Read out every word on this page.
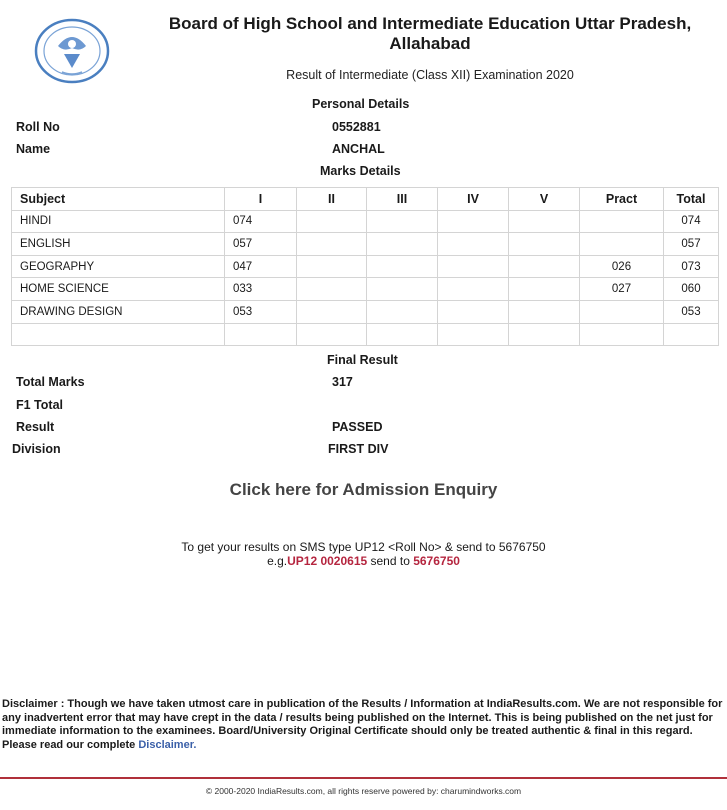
Board of High School and Intermediate Education Uttar Pradesh,
Allahabad
Result of Intermediate (Class XII) Examination 2020
Personal Details
Roll No	0552881
Name	ANCHAL
Marks Details
Subject	I	II	III	IV	V	Pract	Total
HINDI	074						074
ENGLISH	057						057
GEOGRAPHY	047					026	073
HOME SCIENCE	033					027	060
DRAWING DESIGN	053						053

Final Result
Total Marks	317
F1 Total
Result	PASSED
Division	FIRST DIV
Click here for Admission Enquiry
To get your results on SMS type UP12 <Roll No> & send to 5676750
e.g.UP12 0020615 send to 5676750
Disclaimer : Though we have taken utmost care in publication of the Results / Information at IndiaResults.com. We are not responsible for any inadvertent error that may have crept in the data / results being published on the Internet. This is being published on the net just for immediate information to the examinees. Board/University Original Certificate should only be treated authentic & final in this regard. Please read our complete Disclaimer.
© 2000-2020 IndiaResults.com, all rights reserve powered by: charumindworks.com
